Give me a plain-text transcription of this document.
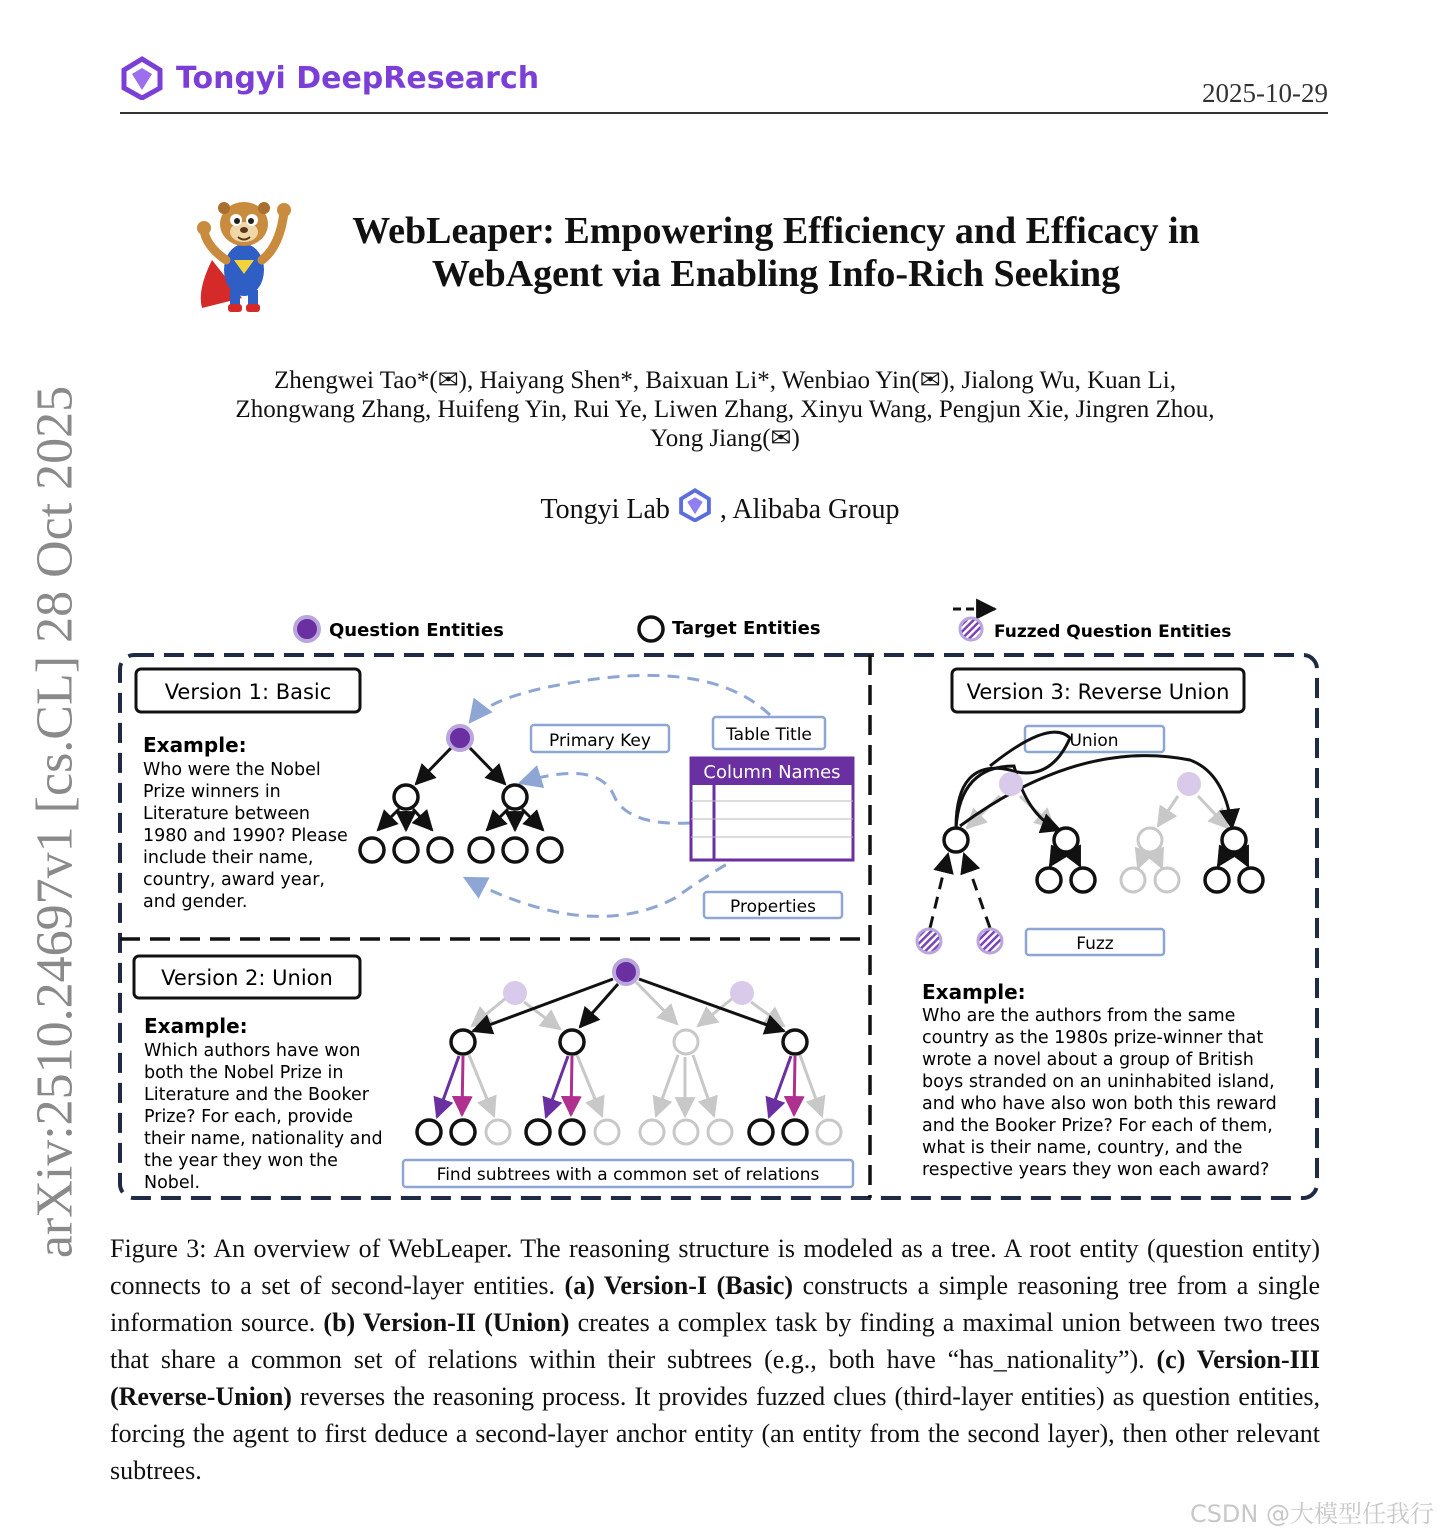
Tongyi DeepResearch	2025-10-29
WebLeaper: Empowering Efficiency and Efficacy in
WebAgent via Enabling Info-Rich Seeking
Zhengwei Tao*(✉), Haiyang Shen*, Baixuan Li*, Wenbiao Yin(✉), Jialong Wu, Kuan Li,
Zhongwang Zhang, Huifeng Yin, Rui Ye, Liwen Zhang, Xinyu Wang, Pengjun Xie, Jingren Zhou,
Yong Jiang(✉)
Tongyi Lab , Alibaba Group
arXiv:2510.24697v1 [cs.CL] 28 Oct 2025	Question Entities	Target Entities	Fuzzed Question Entities
Version 1: Basic
Example:
Who were the Nobel
Prize winners in
Literature between
1980 and 1990? Please
include their name,
country, award year,
and gender.
Primary Key	Table Title
Column Names
Properties
Version 2: Union
Example:
Which authors have won
both the Nobel Prize in
Literature and the Booker
Prize? For each, provide
their name, nationality and
the year they won the
Nobel.	Find subtrees with a common set of relations
Version 3: Reverse Union
Union
Fuzz
Example:
Who are the authors from the same
country as the 1980s prize-winner that
wrote a novel about a group of British
boys stranded on an uninhabited island,
and who have also won both this reward
and the Booker Prize? For each of them,
what is their name, country, and the
respective years they won each award?
Figure 3: An overview of WebLeaper. The reasoning structure is modeled as a tree. A root entity (question entity) connects to a set of second-layer entities. (a) Version-I (Basic) constructs a simple reasoning tree from a single information source. (b) Version-II (Union) creates a complex task by finding a maximal union between two trees that share a common set of relations within their subtrees (e.g., both have “has_nationality”). (c) Version-III (Reverse-Union) reverses the reasoning process. It provides fuzzed clues (third-layer entities) as question entities, forcing the agent to first deduce a second-layer anchor entity (an entity from the second layer), then other relevant subtrees.
CSDN @大模型任我行
